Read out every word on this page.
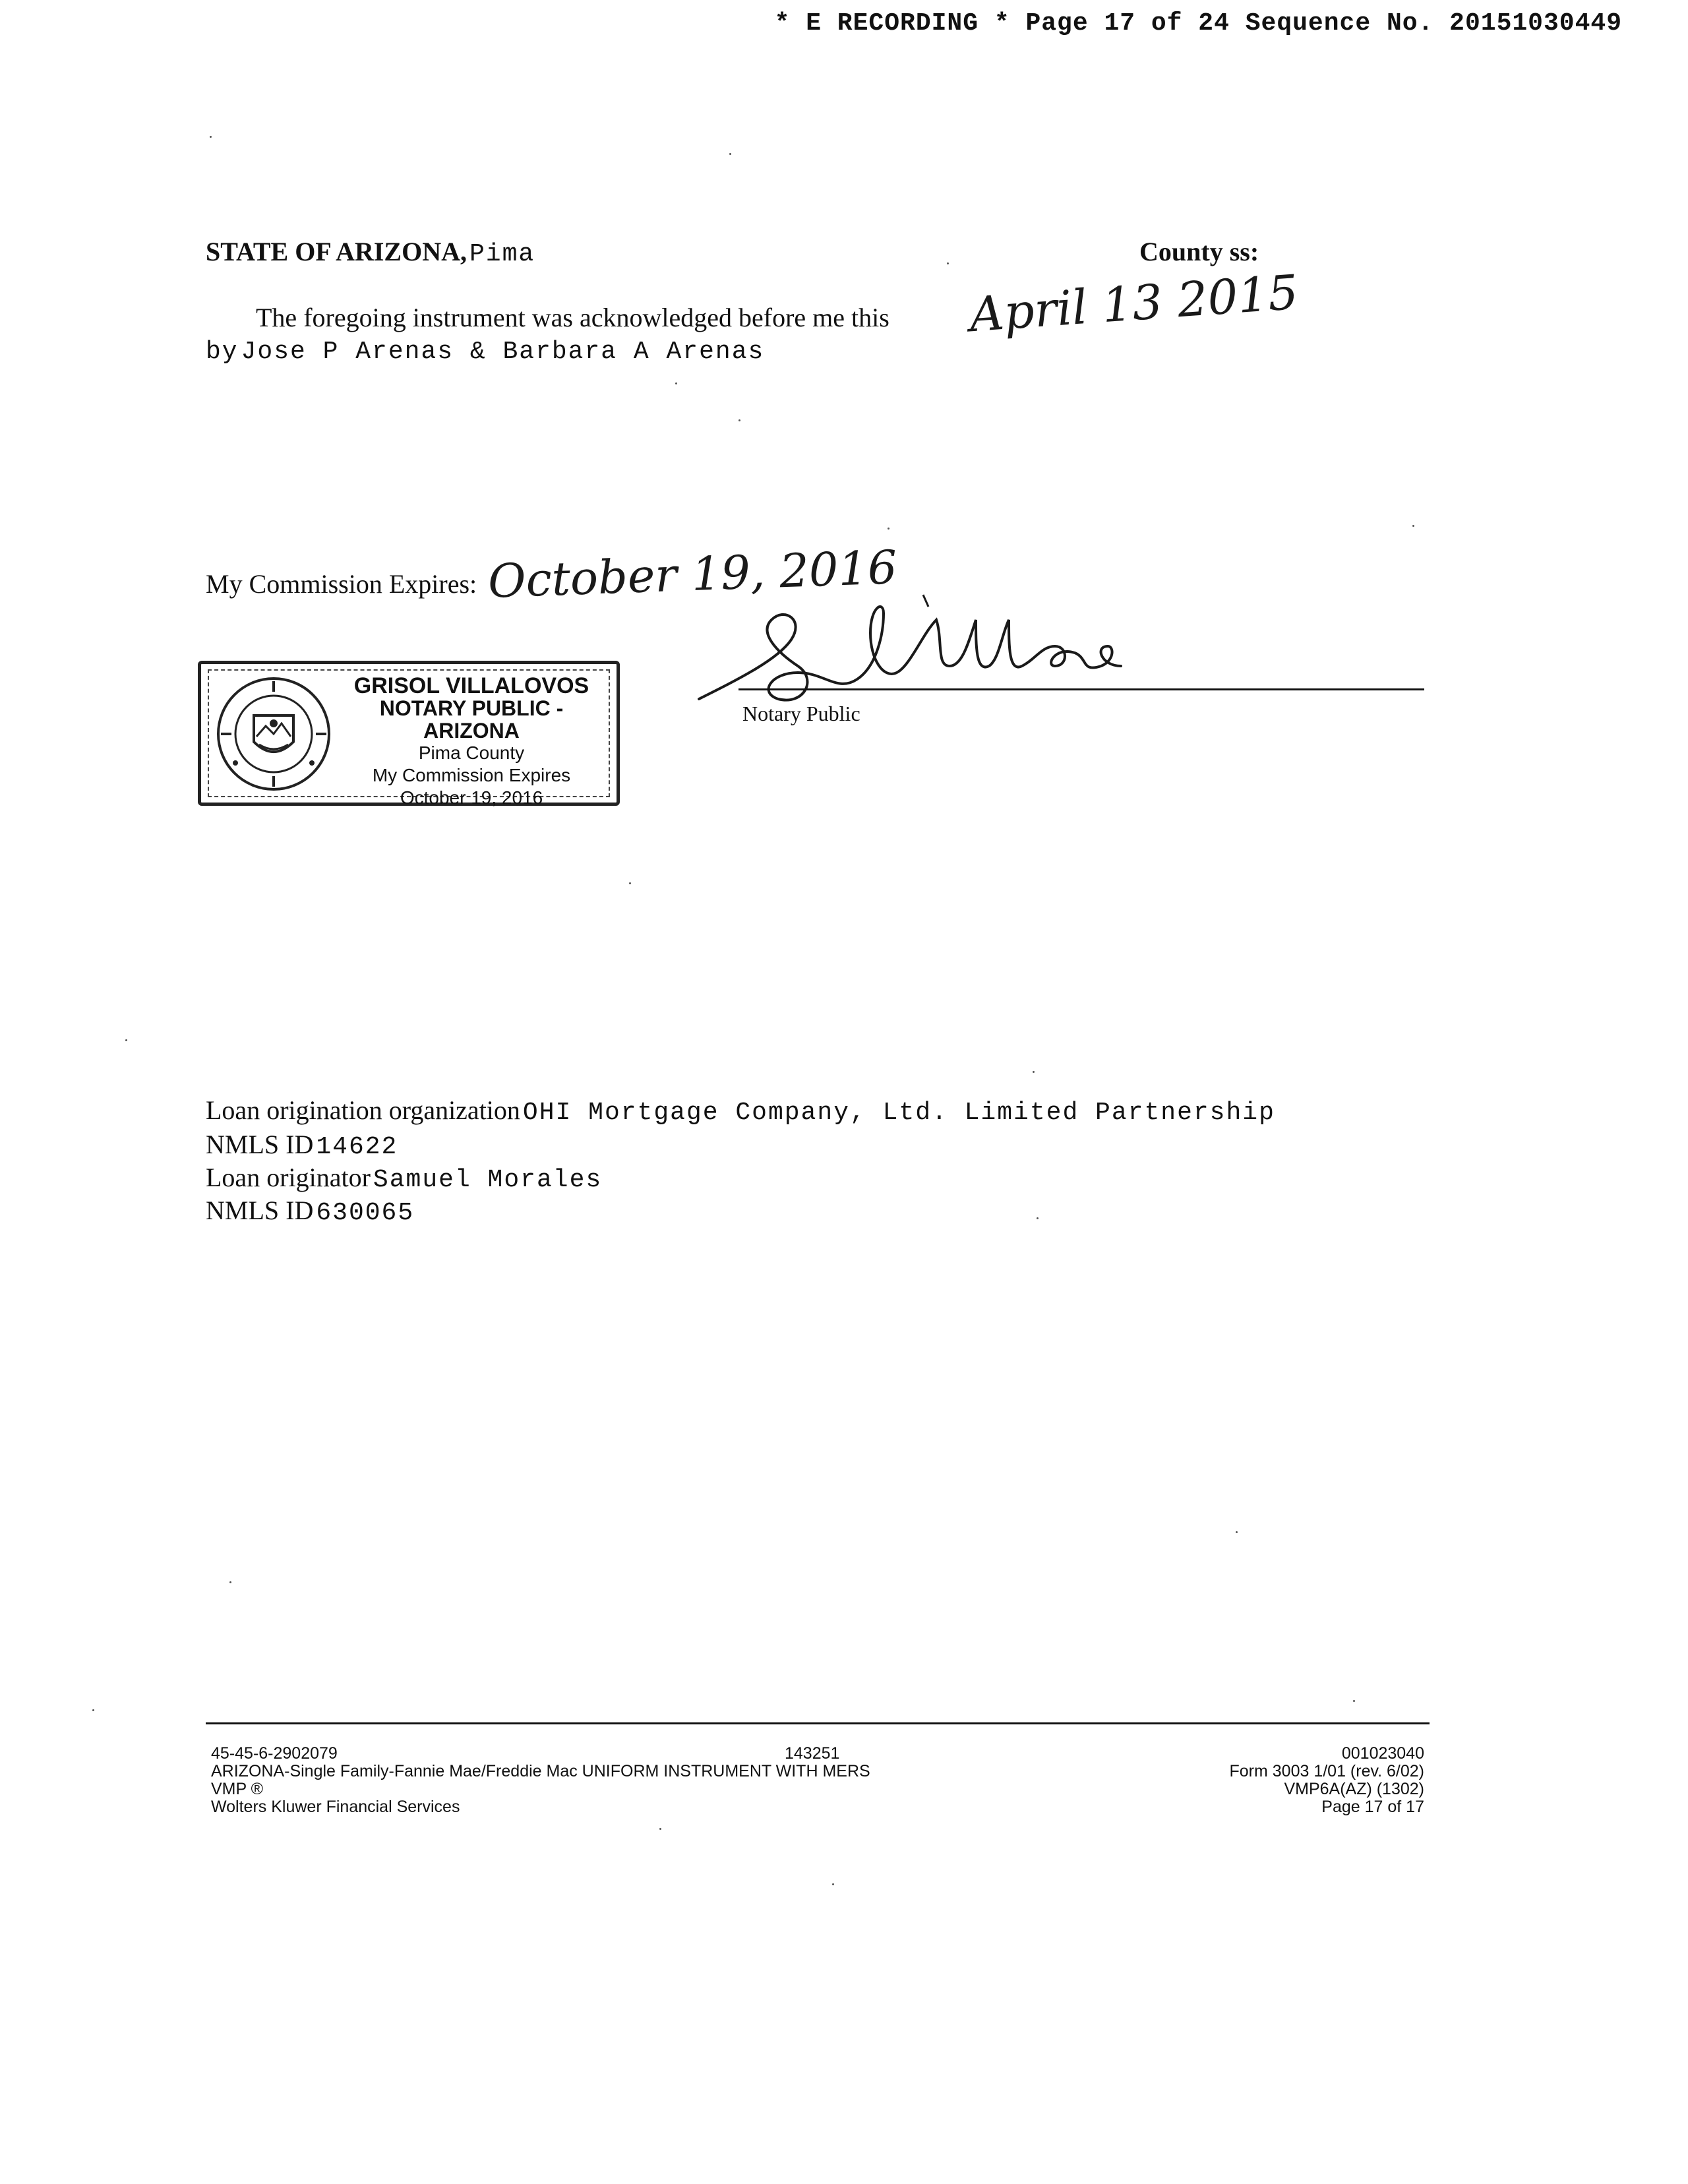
* E RECORDING * Page 17 of 24 Sequence No. 20151030449
STATE OF ARIZONA, Pima	County ss:
The foregoing instrument was acknowledged before me this April 13 2015
by Jose P Arenas & Barbara A Arenas
My Commission Expires: October 19, 2016
GRISOL VILLALOVOS
NOTARY PUBLIC - ARIZONA
Pima County
My Commission Expires
October 19, 2016
Notary Public
Loan origination organization OHI Mortgage Company, Ltd. Limited Partnership
NMLS ID 14622
Loan originator Samuel Morales
NMLS ID 630065
45-45-6-2902079
ARIZONA-Single Family-Fannie Mae/Freddie Mac UNIFORM INSTRUMENT WITH MERS
VMP ®
Wolters Kluwer Financial Services
143251	001023040
Form 3003 1/01 (rev. 6/02)
VMP6A(AZ) (1302)
Page 17 of 17
